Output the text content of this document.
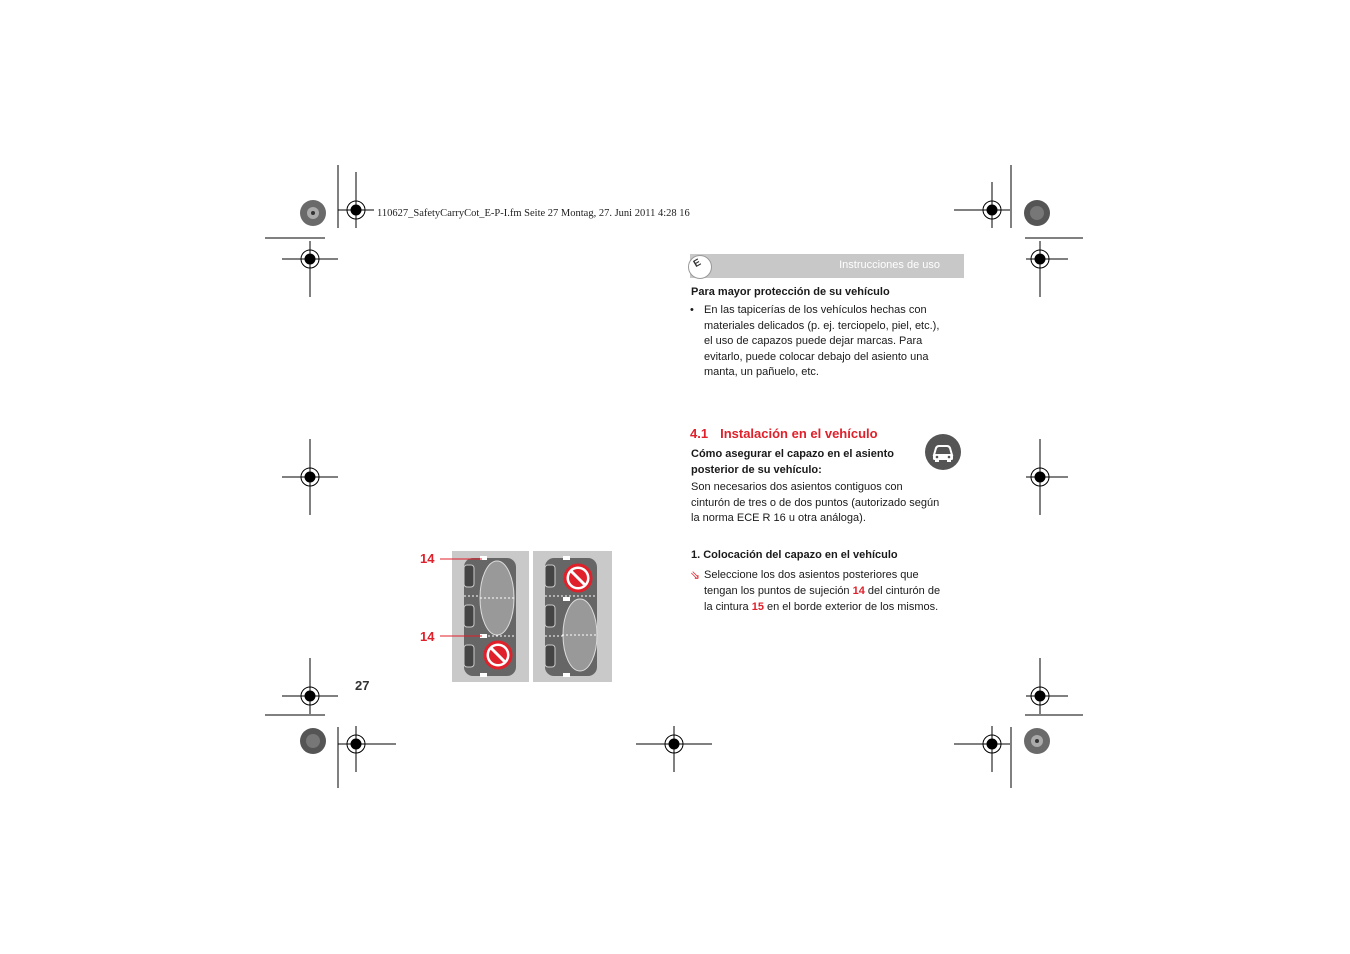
110627_SafetyCarryCot_E-P-I.fm Seite 27 Montag, 27. Juni 2011 4:28 16
E	Instrucciones de uso
Para mayor protección de su vehículo
• En las tapicerías de los vehículos hechas con
materiales delicados (p. ej. terciopelo, piel, etc.),
el uso de capazos puede dejar marcas. Para
evitarlo, puede colocar debajo del asiento una
manta, un pañuelo, etc.
4.1 Instalación en el vehículo
Cómo asegurar el capazo en el asiento
posterior de su vehículo:
Son necesarios dos asientos contiguos con
cinturón de tres o de dos puntos (autorizado según
la norma ECE R 16 u otra análoga).
1. Colocación del capazo en el vehículo
⇘ Seleccione los dos asientos posteriores que
tengan los puntos de sujeción 14 del cinturón de
la cintura 15 en el borde exterior de los mismos.
14
14
27
